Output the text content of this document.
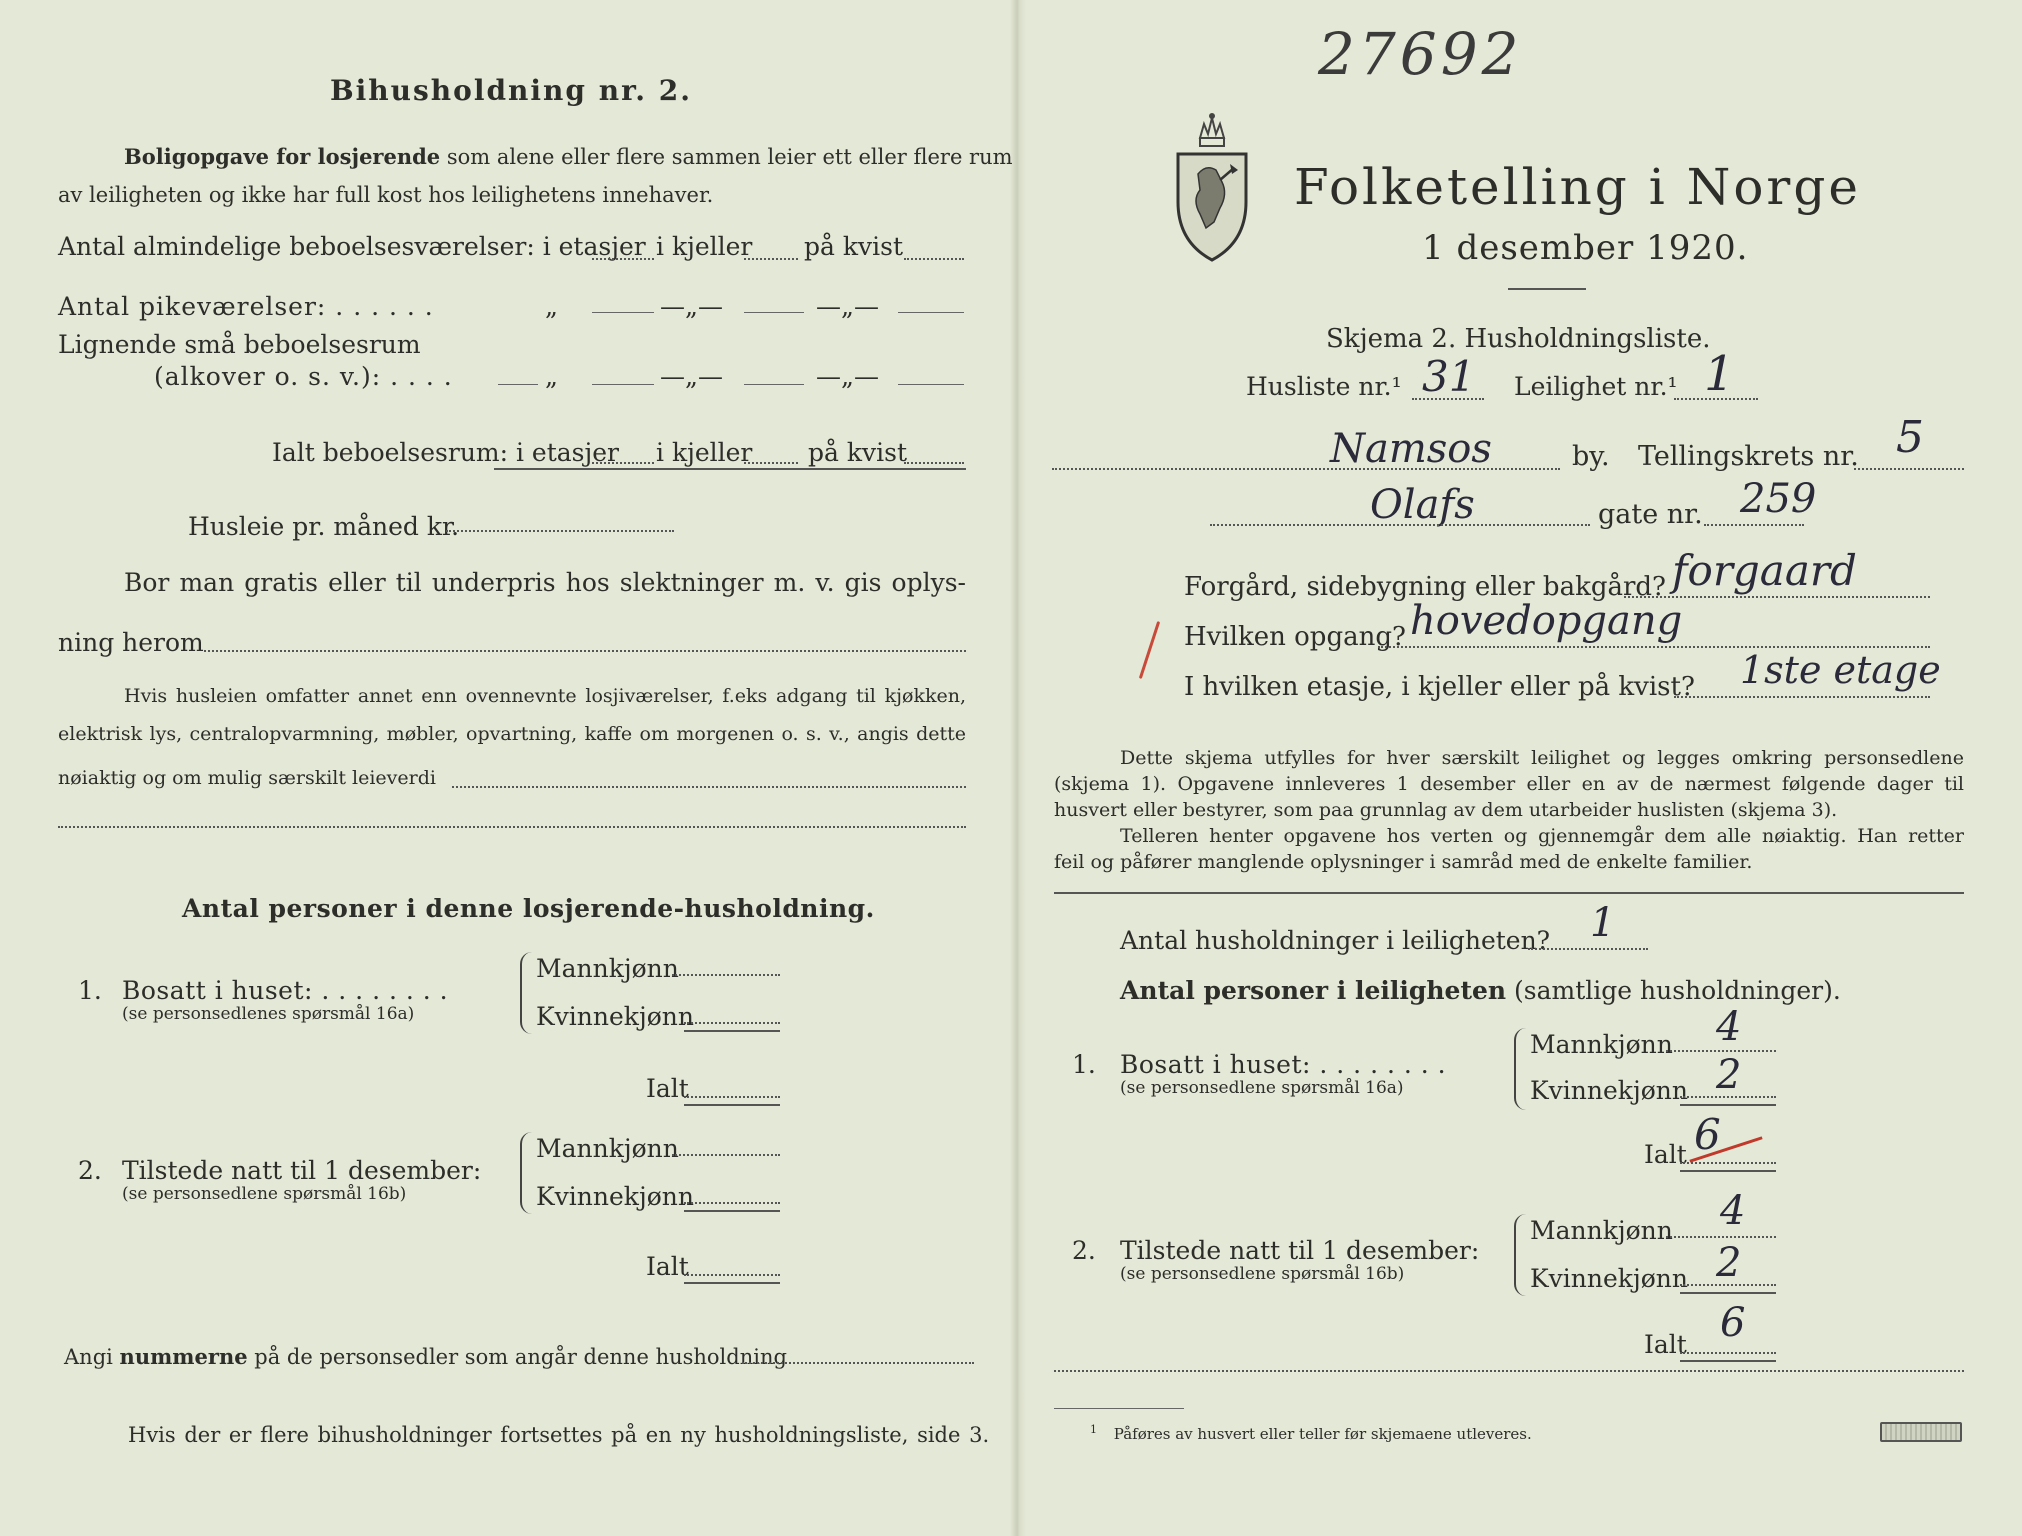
27692
Bihusholdning nr. 2.
Boligopgave for losjerende som alene eller flere sammen leier ett eller flere rum
av leiligheten og ikke har full kost hos leilighetens innehaver.
Antal almindelige beboelsesværelser: i etasjer i kjeller på kvist
Antal pikeværelser: . . . . . .	„	—„—	—„—
Lignende små beboelsesrum
(alkover o. s. v.): . . . .	„	—„—	—„—
Ialt beboelsesrum: i etasjer i kjeller på kvist
Husleie pr. måned kr.
Bor man gratis eller til underpris hos slektninger m. v. gis oplys-
ning herom
Hvis husleien omfatter annet enn ovennevnte losjiværelser, f.eks adgang til kjøkken,
elektrisk lys, centralopvarmning, møbler, opvartning, kaffe om morgenen o. s. v., angis dette
nøiaktig og om mulig særskilt leieverdi
Antal personer i denne losjerende-husholdning.
1. Bosatt i huset: . . . . . . . .
(se personsedlenes spørsmål 16a)
Mannkjønn
Kvinnekjønn
Ialt
2. Tilstede natt til 1 desember:
(se personsedlene spørsmål 16b)
Mannkjønn
Kvinnekjønn
Ialt
Angi nummerne på de personsedler som angår denne husholdning
Hvis der er flere bihusholdninger fortsettes på en ny husholdningsliste, side 3.
Folketelling i Norge
1 desember 1920.
Skjema 2. Husholdningsliste.
Husliste nr.¹ 31 Leilighet nr.¹ 1
Namsos	by. Tellingskrets nr. 5
Olafs	gate nr. 259
Forgård, sidebygning eller bakgård? forgaard
Hvilken opgang? hovedopgang
I hvilken etasje, i kjeller eller på kvist? 1ste etage
Dette skjema utfylles for hver særskilt leilighet og legges omkring personsedlene
(skjema 1). Opgavene innleveres 1 desember eller en av de nærmest følgende dager til
husvert eller bestyrer, som paa grunnlag av dem utarbeider huslisten (skjema 3).
Telleren henter opgavene hos verten og gjennemgår dem alle nøiaktig. Han retter
feil og påfører manglende oplysninger i samråd med de enkelte familier.
Antal husholdninger i leiligheten? 1
Antal personer i leiligheten (samtlige husholdninger).
1. Bosatt i huset: . . . . . . . .
(se personsedlene spørsmål 16a)
Mannkjønn 4
Kvinnekjønn 2
Ialt 6
2. Tilstede natt til 1 desember:
(se personsedlene spørsmål 16b)
Mannkjønn 4
Kvinnekjønn 2
Ialt 6
$^1$ Påføres av husvert eller teller før skjemaene utleveres.
